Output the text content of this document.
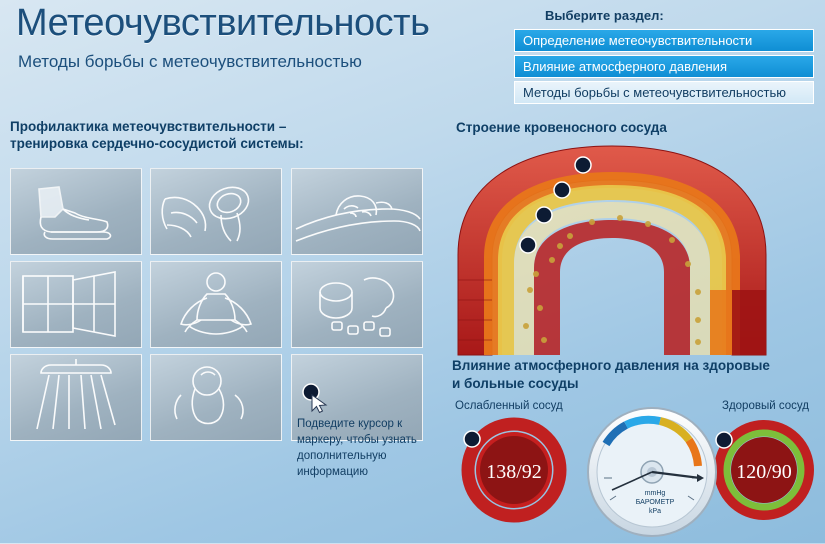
Метеочувствительность
Методы борьбы с метеочувствительностью
Выберите раздел:
Определение метеочувствительности
Влияние атмосферного давления
Методы борьбы с метеочувствительностью
Профилактика метеочувствительности –
тренировка сердечно-сосудистой системы:

Подведите курсор к маркеру, чтобы узнать дополнительную информацию
Строение кровеносного сосуда
Влияние атмосферного давления на здоровые
и больные сосуды
Ослабленный сосуд	Здоровый сосуд
138/92	120/90
mmHg
БАРОМЕТР
kPa
